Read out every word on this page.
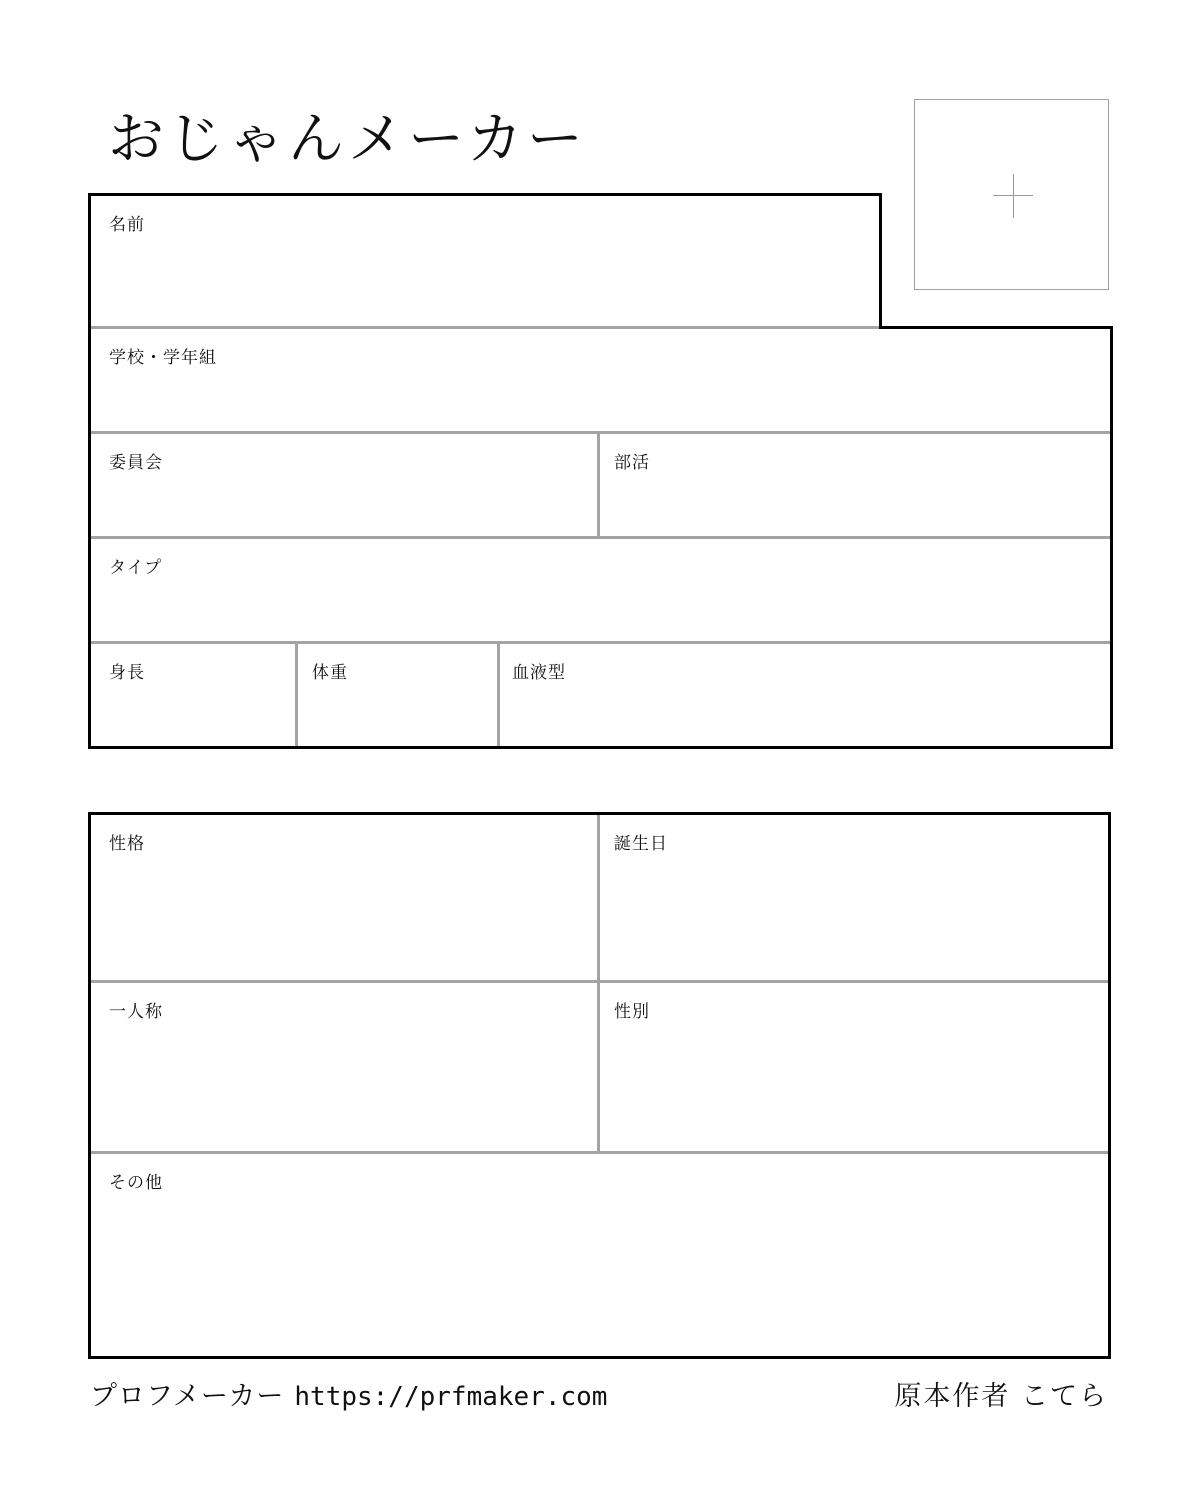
おじゃんメーカー
名前
学校・学年組
委員会	部活
タイプ
身長	体重	血液型
性格	誕生日
一人称	性別
その他
プロフメーカー https://prfmaker.com	原本作者 こてら
